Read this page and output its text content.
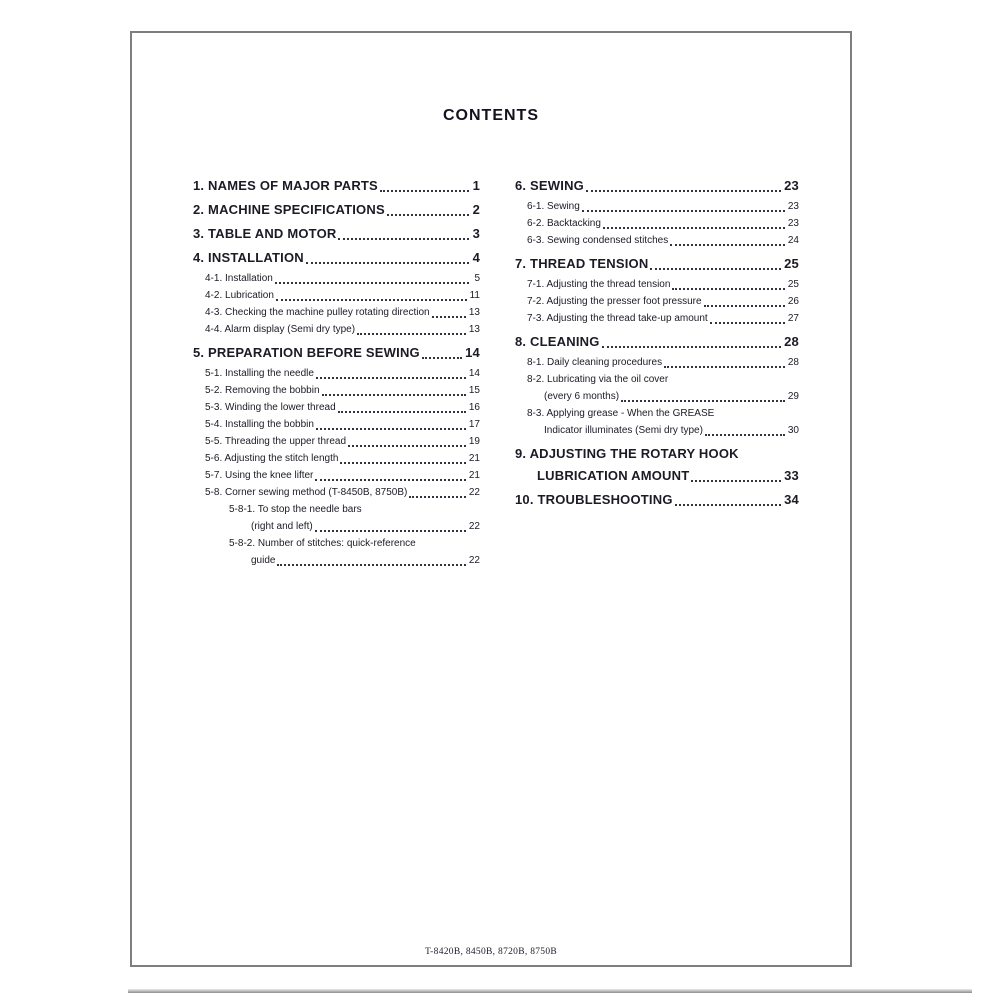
CONTENTS
1. NAMES OF MAJOR PARTS	1
2. MACHINE SPECIFICATIONS	2
3. TABLE AND MOTOR	3
4. INSTALLATION	4
4-1. Installation	5
4-2. Lubrication	11
4-3. Checking the machine pulley rotating direction	13
4-4. Alarm display (Semi dry type)	13
5. PREPARATION BEFORE SEWING	14
5-1. Installing the needle	14
5-2. Removing the bobbin	15
5-3. Winding the lower thread	16
5-4. Installing the bobbin	17
5-5. Threading the upper thread	19
5-6. Adjusting the stitch length	21
5-7. Using the knee lifter	21
5-8. Corner sewing method (T-8450B, 8750B)	22
5-8-1. To stop the needle bars
(right and left)	22
5-8-2. Number of stitches: quick-reference
guide	22
6. SEWING	23
6-1. Sewing	23
6-2. Backtacking	23
6-3. Sewing condensed stitches	24
7. THREAD TENSION	25
7-1. Adjusting the thread tension	25
7-2. Adjusting the presser foot pressure	26
7-3. Adjusting the thread take-up amount	27
8. CLEANING	28
8-1. Daily cleaning procedures	28
8-2. Lubricating via the oil cover
(every 6 months)	29
8-3. Applying grease - When the GREASE
Indicator illuminates (Semi dry type)	30
9. ADJUSTING THE ROTARY HOOK
LUBRICATION AMOUNT	33
10. TROUBLESHOOTING	34
T-8420B, 8450B, 8720B, 8750B
